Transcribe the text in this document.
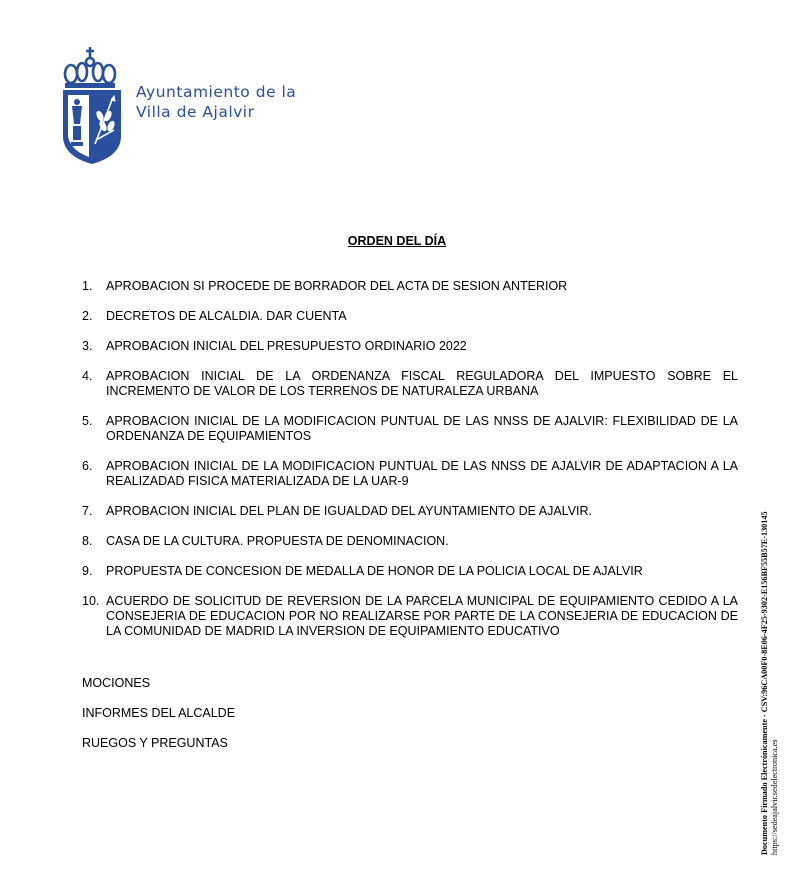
Ayuntamiento de la
Villa de Ajalvir
ORDEN DEL DÍA
1.	APROBACION SI PROCEDE DE BORRADOR DEL ACTA DE SESION ANTERIOR
2.	DECRETOS DE ALCALDIA. DAR CUENTA
3.	APROBACION INICIAL DEL PRESUPUESTO ORDINARIO 2022
4.	APROBACION INICIAL DE LA ORDENANZA FISCAL REGULADORA DEL IMPUESTO SOBRE EL INCREMENTO DE VALOR DE LOS TERRENOS DE NATURALEZA URBANA
5.	APROBACION INICIAL DE LA MODIFICACION PUNTUAL DE LAS NNSS DE AJALVIR: FLEXIBILIDAD DE LA ORDENANZA DE EQUIPAMIENTOS
6.	APROBACION INICIAL DE LA MODIFICACION PUNTUAL DE LAS NNSS DE AJALVIR DE ADAPTACION A LA REALIZADAD FISICA MATERIALIZADA DE LA UAR-9
7.	APROBACION INICIAL DEL PLAN DE IGUALDAD DEL AYUNTAMIENTO DE AJALVIR.
8.	CASA DE LA CULTURA. PROPUESTA DE DENOMINACION.
9.	PROPUESTA DE CONCESION DE MEDALLA DE HONOR DE LA POLICIA LOCAL DE AJALVIR
10. ACUERDO DE SOLICITUD DE REVERSION DE LA PARCELA MUNICIPAL DE EQUIPAMIENTO CEDIDO A LA CONSEJERIA DE EDUCACION POR NO REALIZARSE POR PARTE DE LA CONSEJERIA DE EDUCACION DE LA COMUNIDAD DE MADRID LA INVERSION DE EQUIPAMIENTO EDUCATIVO
MOCIONES
INFORMES DEL ALCALDE
RUEGOS Y PREGUNTAS	Documento Firmado Electrónicamente - CSV:96CA00F0-8E06-4F25-9302-E156BF55B57E-130145 https://sedeajalvir.sedelectronica.es
